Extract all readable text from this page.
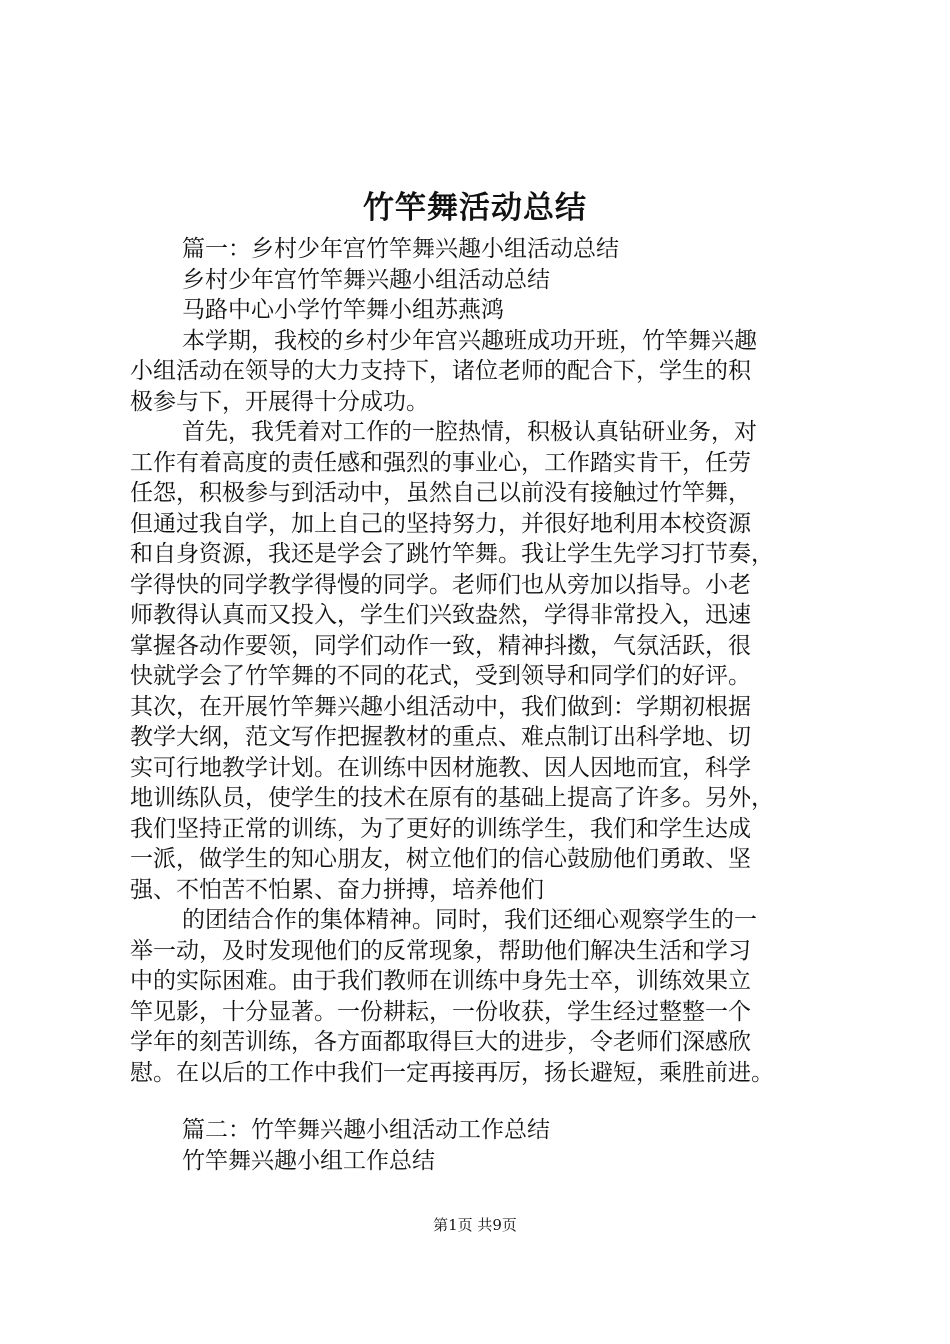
竹竿舞活动总结
篇一：乡村少年宫竹竿舞兴趣小组活动总结
乡村少年宫竹竿舞兴趣小组活动总结
马路中心小学竹竿舞小组苏燕鸿
本学期，我校的乡村少年宫兴趣班成功开班，竹竿舞兴趣
小组活动在领导的大力支持下，诸位老师的配合下，学生的积
极参与下，开展得十分成功。
首先，我凭着对工作的一腔热情，积极认真钻研业务，对
工作有着高度的责任感和强烈的事业心，工作踏实肯干，任劳
任怨，积极参与到活动中，虽然自己以前没有接触过竹竿舞，
但通过我自学，加上自己的坚持努力，并很好地利用本校资源
和自身资源，我还是学会了跳竹竿舞。我让学生先学习打节奏，
学得快的同学教学得慢的同学。老师们也从旁加以指导。小老
师教得认真而又投入，学生们兴致盎然，学得非常投入，迅速
掌握各动作要领，同学们动作一致，精神抖擞，气氛活跃，很
快就学会了竹竿舞的不同的花式，受到领导和同学们的好评。
其次，在开展竹竿舞兴趣小组活动中，我们做到：学期初根据
教学大纲，范文写作把握教材的重点、难点制订出科学地、切
实可行地教学计划。在训练中因材施教、因人因地而宜，科学
地训练队员，使学生的技术在原有的基础上提高了许多。另外，
我们坚持正常的训练，为了更好的训练学生，我们和学生达成
一派，做学生的知心朋友，树立他们的信心鼓励他们勇敢、坚
强、不怕苦不怕累、奋力拼搏，培养他们
的团结合作的集体精神。同时，我们还细心观察学生的一
举一动，及时发现他们的反常现象，帮助他们解决生活和学习
中的实际困难。由于我们教师在训练中身先士卒，训练效果立
竿见影，十分显著。一份耕耘，一份收获，学生经过整整一个
学年的刻苦训练，各方面都取得巨大的进步，令老师们深感欣
慰。在以后的工作中我们一定再接再厉，扬长避短，乘胜前进。
篇二：竹竿舞兴趣小组活动工作总结
竹竿舞兴趣小组工作总结
第1页 共9页
